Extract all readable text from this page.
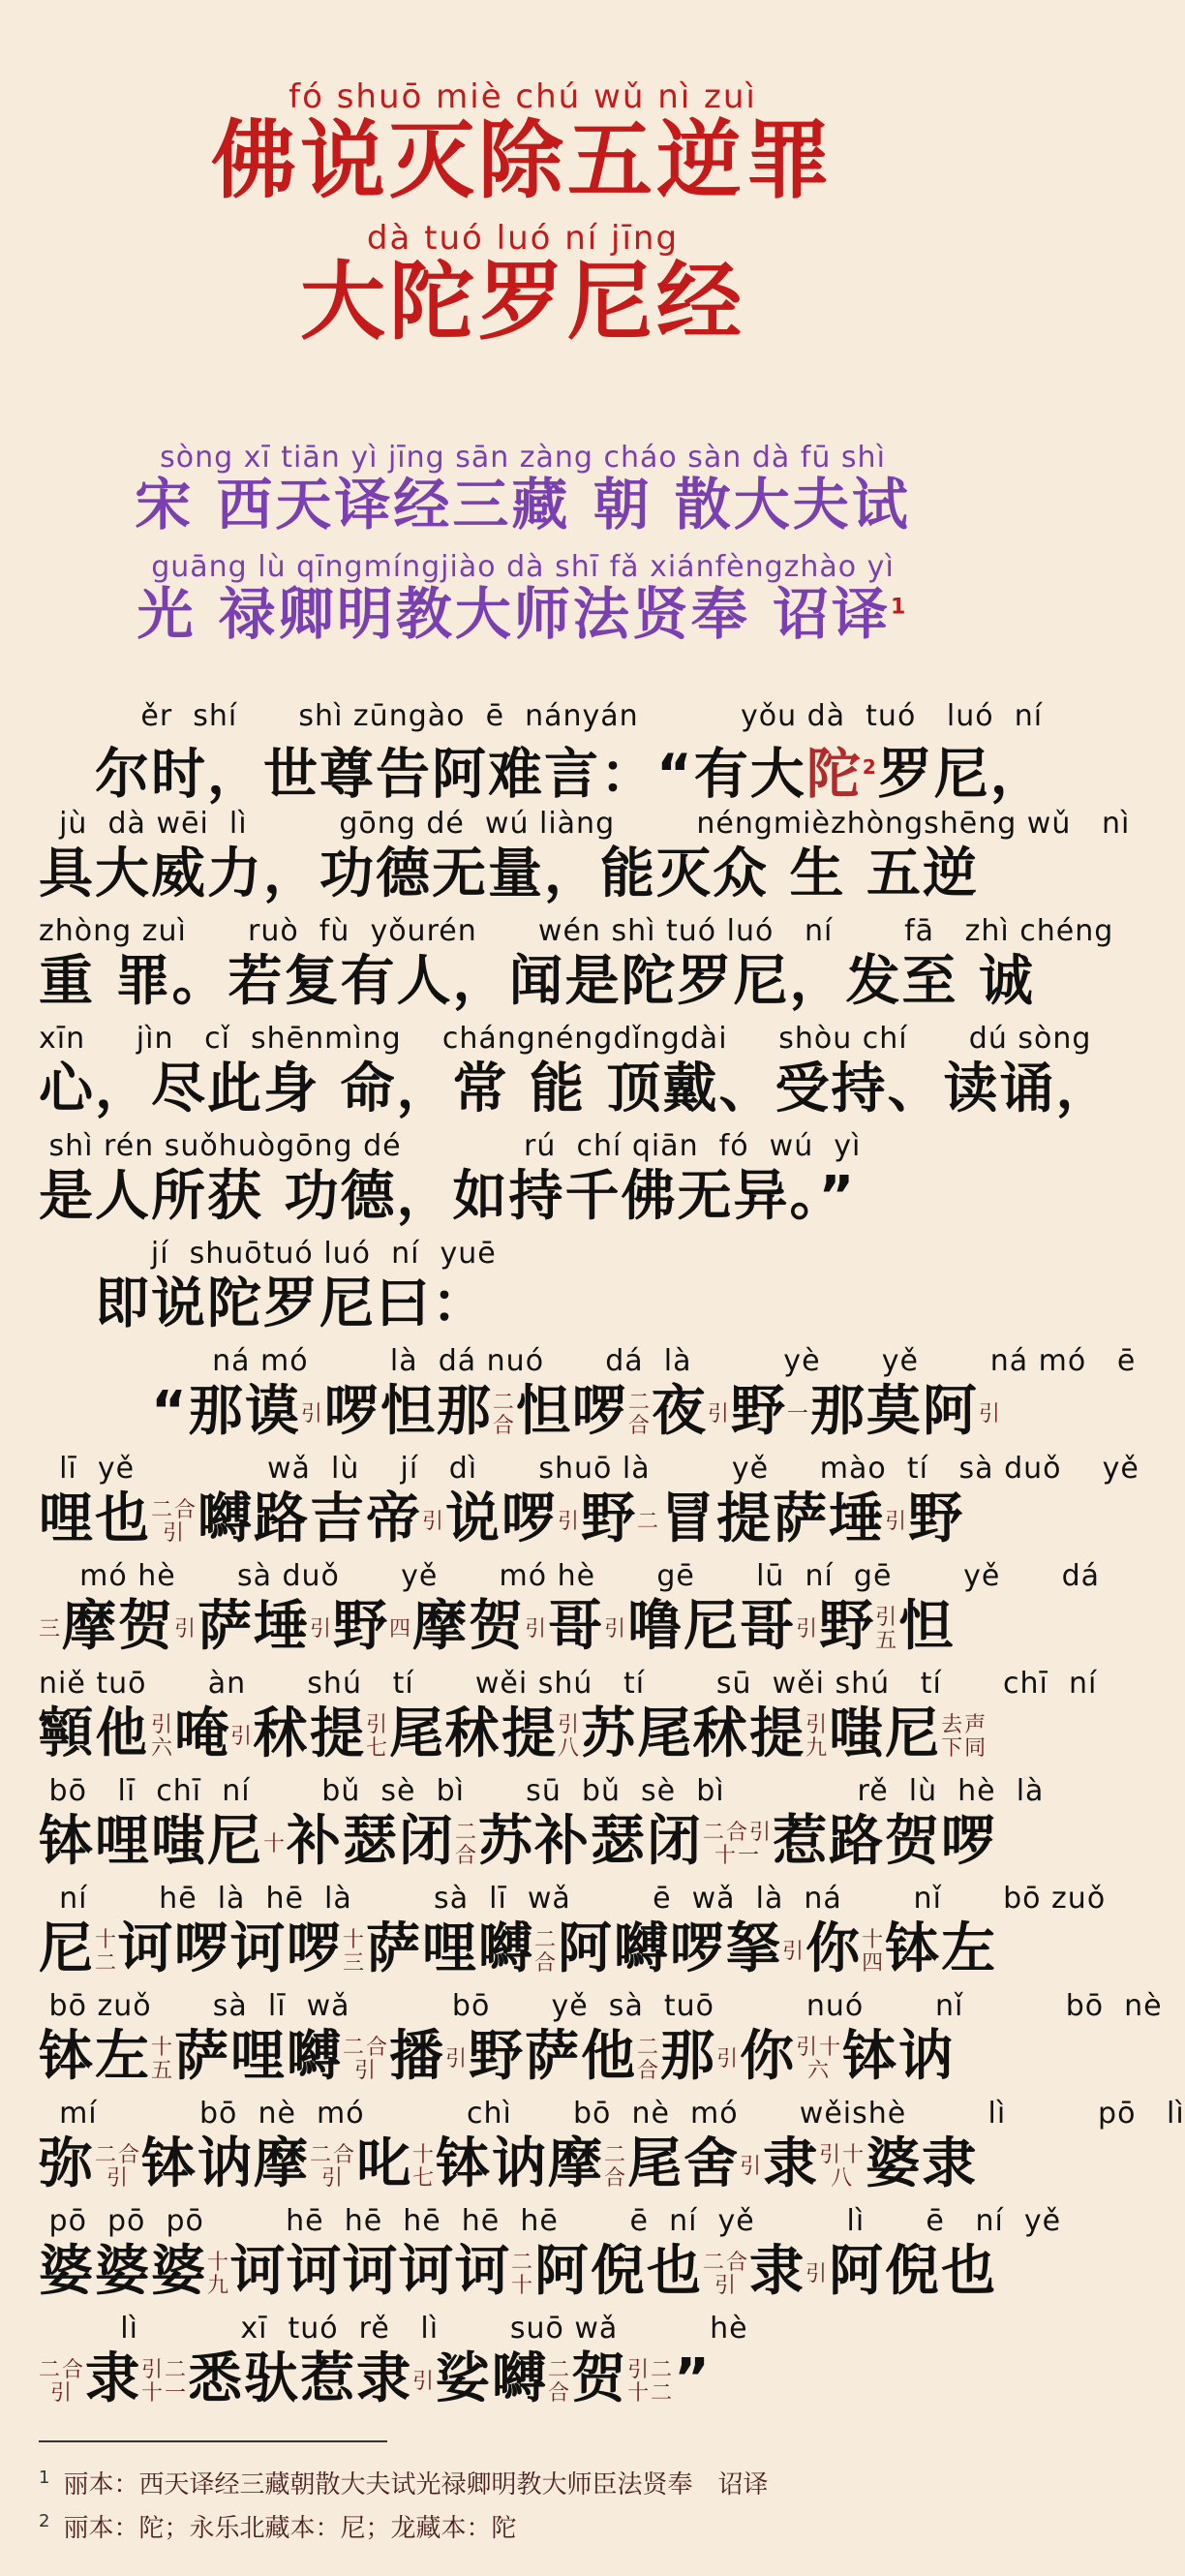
fó shuō miè chú wǔ nì zuì
佛说灭除五逆罪
dà tuó luó ní jīng
大陀罗尼经
sòng xī tiān yì jīng sān zàng cháo sàn dà fū shì
宋 西天译经三藏 朝 散大夫试
guāng lù qīngmíngjiào dà shī fǎ xiánfèngzhào yì
光 禄卿明教大师法贤奉 诏译$^1$
ěr  shí      shì zūngào  ē  nányán          yǒu dà  tuó   luó  ní
　尔时，世尊告阿难言：“有大陀$^2$罗尼，
jù  dà wēi  lì         gōng dé  wú liàng        néngmièzhòngshēng wǔ   nì
具大威力，功德无量，能灭众 生 五逆
zhòng zuì      ruò  fù  yǒurén      wén shì tuó luó   ní       fā   zhì chéng
重 罪。若复有人，闻是陀罗尼，发至 诚
xīn     jìn   cǐ  shēnmìng    chángnéngdǐngdài     shòu chí      dú sòng
心，尽此身 命，常 能 顶戴、受持、读诵，
shì rén suǒhuògōng dé            rú  chí qiān  fó  wú  yì
是人所获 功德，如持千佛无异。”
jí  shuōtuó luó  ní  yuē
　即说陀罗尼曰：
ná mó        là  dá nuó      dá  là         yè      yě       ná mó   ē
　　“那谟引啰怛那二
合怛啰二
合夜引野一那莫阿引
lī  yě             wǎ  lù    jí   dì      shuō là        yě     mào  tí   sà duǒ    yě
哩也二合
引 嚩路吉帝引说啰引野二冒提萨埵引野
mó hè      sà duǒ      yě      mó hè      gē      lū  ní  gē       yě      dá
三摩贺引萨埵引野四摩贺引哥引噜尼哥引野引
五怛
niě tuō      àn      shú   tí      wěi shú   tí       sū  wěi shú   tí      chī  ní
𩕳他引
六唵引秫提引
七尾秫提引
八苏尾秫提引
九嗤尼去声
下同
bō   lī  chī  ní       bǔ  sè  bì      sū  bǔ  sè  bì             rě  lù  hè  là
钵哩嗤尼十补瑟闭二
合苏补瑟闭二合引
十一 惹路贺啰
ní       hē  là  hē  là        sà  lī  wǎ        ē  wǎ  là  ná       nǐ      bō zuǒ
尼十
二诃啰诃啰十
三萨哩嚩二
合阿嚩啰拏引你十
四钵左
bō zuǒ      sà  lī  wǎ          bō      yě  sà  tuō         nuó       nǐ          bō  nè
钵左十
五萨哩嚩二合
引 播引野萨他二
合那引你引十
六 钵讷
mí          bō  nè  mó          chì      bō  nè  mó      wěishè        lì         pō   lì
弥二合
引 钵讷摩二合
引 叱十
七钵讷摩二
合尾舍引隶引十
八 婆隶
pō  pō  pō        hē  hē  hē  hē  hē       ē  ní  yě         lì      ē   ní  yě
婆婆婆十
九诃诃诃诃诃二
十阿倪也二合
引 隶引阿倪也
lì          xī  tuó  rě   lì       suō wǎ         hè
二合
引 隶引二
十一悉驮惹隶引娑嚩二
合贺引二
十二”
$^1$ 丽本：西天译经三藏朝散大夫试光禄卿明教大师臣法贤奉　诏译
$^2$ 丽本：陀；永乐北藏本：尼；龙藏本：陀
